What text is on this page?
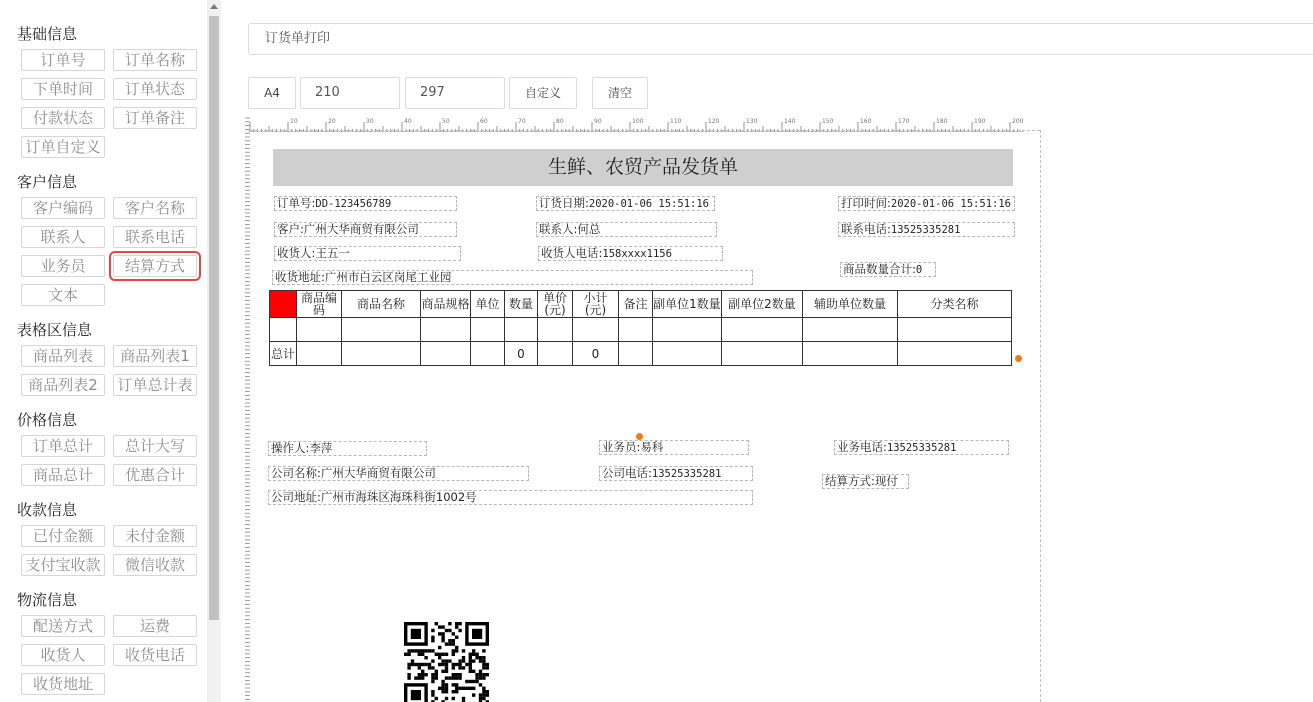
基础信息
订单号	订单名称
下单时间	订单状态
付款状态	订单备注
订单自定义
客户信息
客户编码	客户名称
联系人	联系电话
业务员	结算方式
文本
表格区信息
商品列表	商品列表1
商品列表2	订单总计表
价格信息
订单总计	总计大写
商品总计	优惠合计
收款信息
已付金额	未付金额
支付宝收款	微信收款
物流信息
配送方式	运费
收货人	收货电话
收货地址
订货单打印
A4	210	297	自定义	清空
10	20	30	40	50	60	70	80	90	100	110	120	130	140	150	160	170	180	190	200
生鲜、农贸产品发货单
订单号:DD-123456789	订货日期:2020-01-06 15:51:16	打印时间:2020-01-06 15:51:16
客户:广州大华商贸有限公司	联系人:何总	联系电话:13525335281
收货人:王五一	收货人电话:158xxxx1156
商品数量合计:0
收货地址:广州市白云区岗尾工业园
	商品编码	商品名称	商品规格	单位	数量	单价(元)	小计(元)	备注	副单位1数量	副单位2数量	辅助单位数量	分类名称

总计					0		0					
操作人:李萍	业务员:易科	业务电话:13525335281
公司名称:广州大华商贸有限公司	公司电话:13525335281	结算方式:现付
公司地址:广州市海珠区海珠科街1002号
